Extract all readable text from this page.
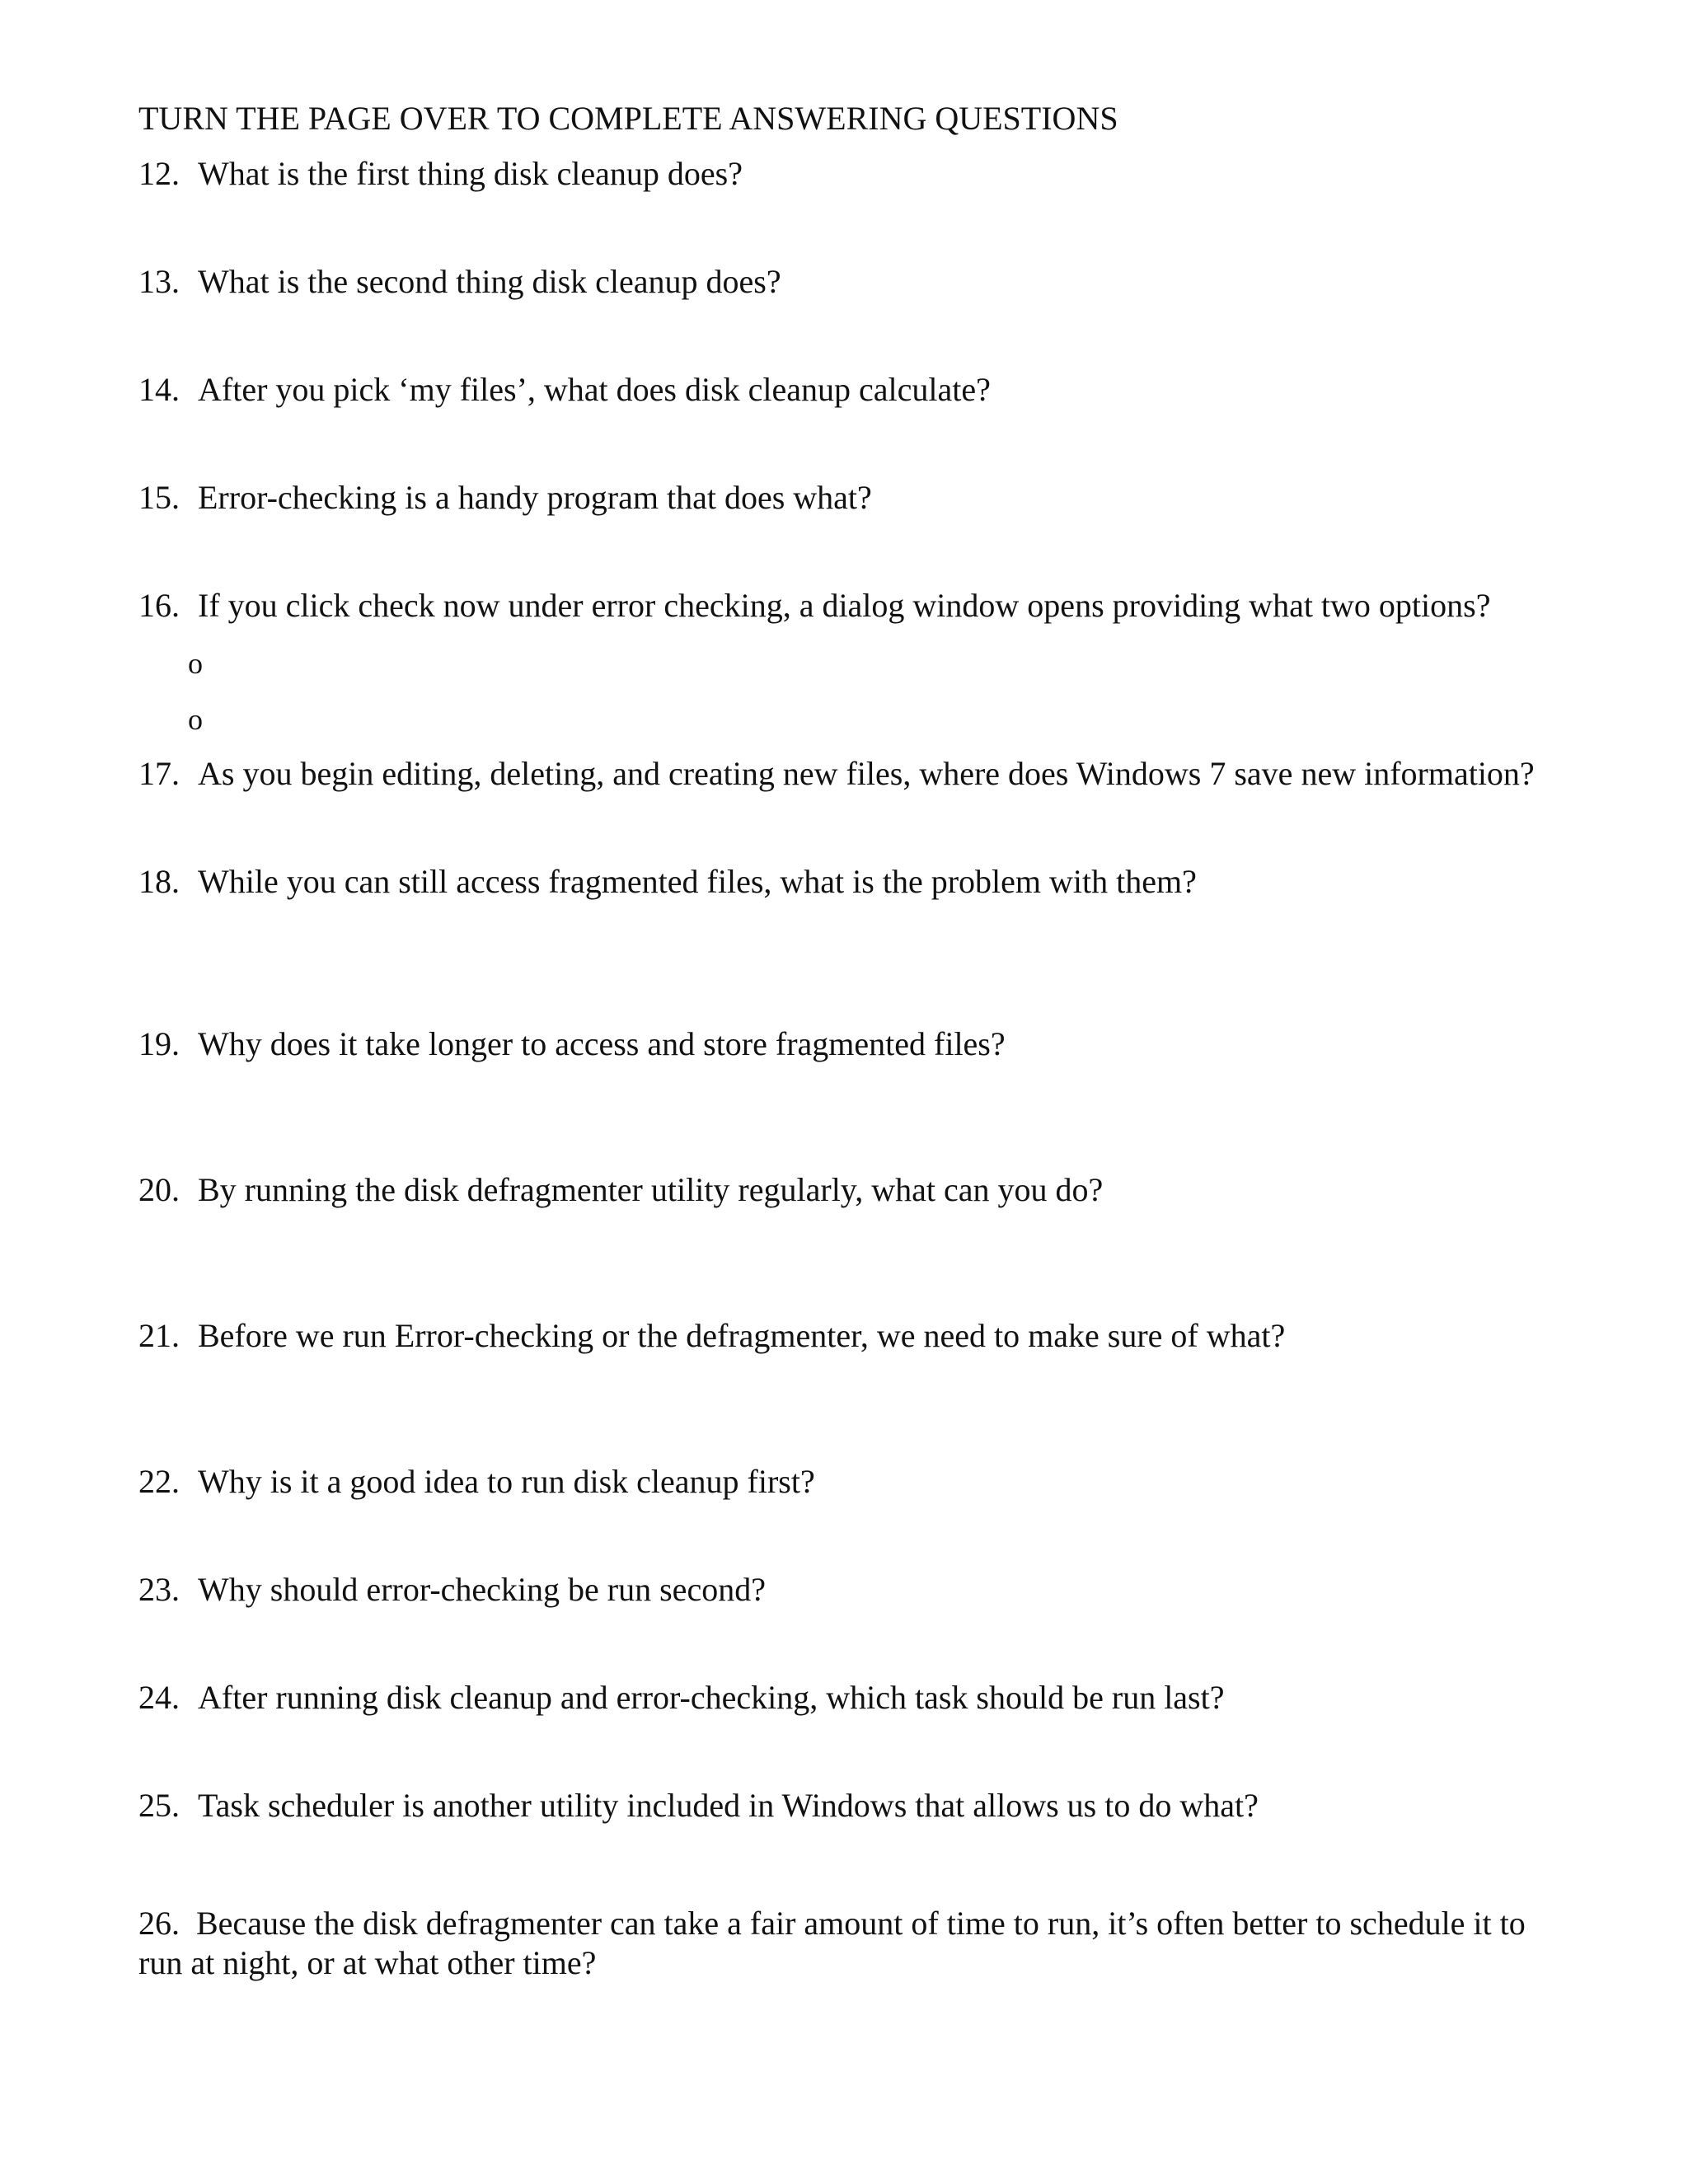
TURN THE PAGE OVER TO COMPLETE ANSWERING QUESTIONS
12. What is the first thing disk cleanup does?
13. What is the second thing disk cleanup does?
14. After you pick ‘my files’, what does disk cleanup calculate?
15. Error-checking is a handy program that does what?
16. If you click check now under error checking, a dialog window opens providing what two options?
o
o
17. As you begin editing, deleting, and creating new files, where does Windows 7 save new information?
18. While you can still access fragmented files, what is the problem with them?
19. Why does it take longer to access and store fragmented files?
20. By running the disk defragmenter utility regularly, what can you do?
21. Before we run Error-checking or the defragmenter, we need to make sure of what?
22. Why is it a good idea to run disk cleanup first?
23. Why should error-checking be run second?
24. After running disk cleanup and error-checking, which task should be run last?
25. Task scheduler is another utility included in Windows that allows us to do what?
26. Because the disk defragmenter can take a fair amount of time to run, it’s often better to schedule it to run at night, or at what other time?
